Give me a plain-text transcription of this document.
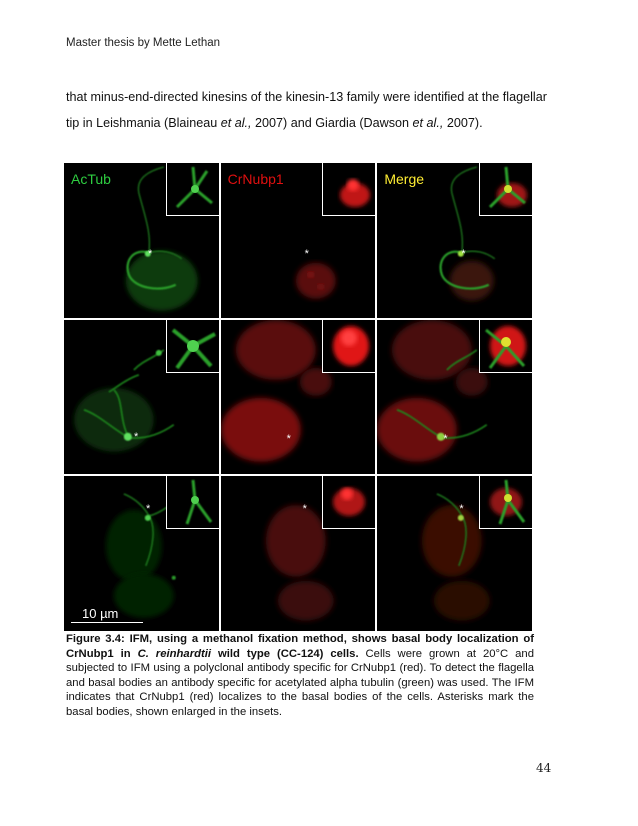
Master thesis by Mette Lethan
that minus-end-directed kinesins of the kinesin-13 family were identified at the flagellar
tip in Leishmania (Blaineau et al., 2007) and Giardia (Dawson et al., 2007).
AcTub
*
CrNubp1
*
Merge
*
*	*	*
*
10 µm
*	*
Figure 3.4: IFM, using a methanol fixation method, shows basal body localization of CrNubp1 in C. reinhardtii wild type (CC-124) cells. Cells were grown at 20°C and subjected to IFM using a polyclonal antibody specific for CrNubp1 (red). To detect the flagella and basal bodies an antibody specific for acetylated alpha tubulin (green) was used. The IFM indicates that CrNubp1 (red) localizes to the basal bodies of the cells. Asterisks mark the basal bodies, shown enlarged in the insets.
44
